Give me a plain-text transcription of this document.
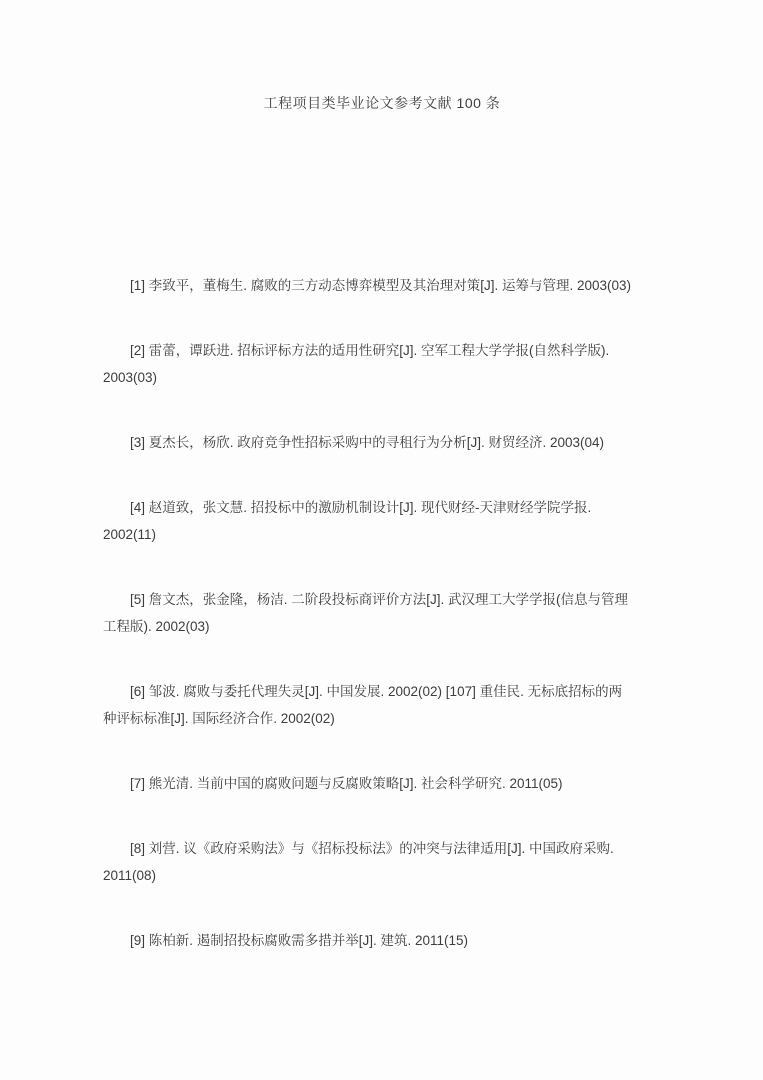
工程项目类毕业论文参考文献 100 条
[1] 李致平，董梅生. 腐败的三方动态博弈模型及其治理对策[J]. 运筹与管理. 2003(03)
[2] 雷蕾，谭跃进. 招标评标方法的适用性研究[J]. 空军工程大学学报(自然科学版).
2003(03)
[3] 夏杰长，杨欣. 政府竞争性招标采购中的寻租行为分析[J]. 财贸经济. 2003(04)
[4] 赵道致，张文慧. 招投标中的激励机制设计[J]. 现代财经-天津财经学院学报.
2002(11)
[5] 詹文杰，张金隆，杨洁. 二阶段投标商评价方法[J]. 武汉理工大学学报(信息与管理
工程版). 2002(03)
[6] 邹波. 腐败与委托代理失灵[J]. 中国发展. 2002(02) [107] 重佳民. 无标底招标的两
种评标标准[J]. 国际经济合作. 2002(02)
[7] 熊光清. 当前中国的腐败问题与反腐败策略[J]. 社会科学研究. 2011(05)
[8] 刘营. 议《政府采购法》与《招标投标法》的冲突与法律适用[J]. 中国政府采购.
2011(08)
[9] 陈柏新. 遏制招投标腐败需多措并举[J]. 建筑. 2011(15)
